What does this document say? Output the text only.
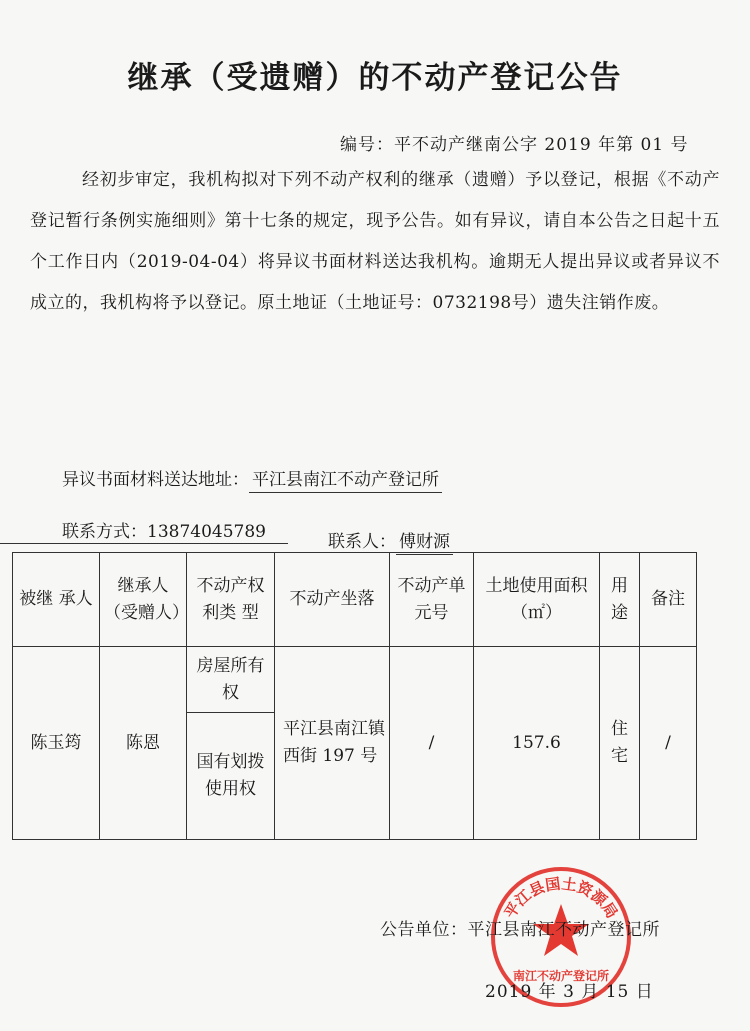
继承（受遗赠）的不动产登记公告
编号：平不动产继南公字 2019 年第 01 号
经初步审定，我机构拟对下列不动产权利的继承（遗赠）予以登记，根据《不动产登记暂行条例实施细则》第十七条的规定，现予公告。如有异议，请自本公告之日起十五个工作日内（2019-04-04）将异议书面材料送达我机构。逾期无人提出异议或者异议不成立的，我机构将予以登记。原土地证（土地证号：0732198号）遗失注销作废。
异议书面材料送达地址： 平江县南江不动产登记所
联系方式：13874045789	联系人： 傅财源
被继 承人	继承人（受赠人）	不动产权 利类 型	不动产坐落	不动产单元号	土地使用面积（㎡）	用途	备注
陈玉筠	陈恩	房屋所有权	平江县南江镇西街 197 号	/	157.6	住宅	/
		国有划拨使用权					
平江县国土资源局
南江不动产登记所
公告单位：平江县南江不动产登记所
2019 年 3 月 15 日
